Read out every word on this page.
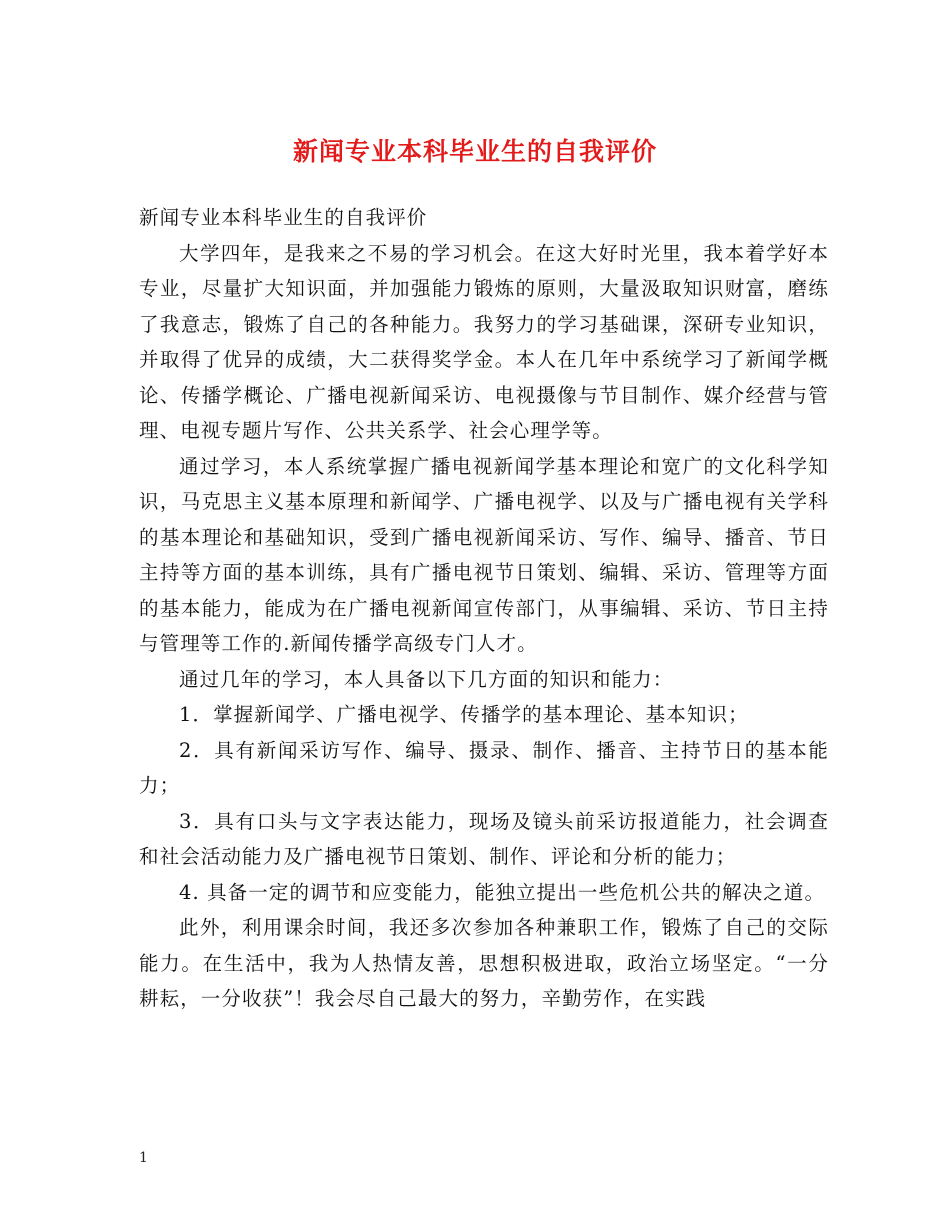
新闻专业本科毕业生的自我评价

新闻专业本科毕业生的自我评价

大学四年，是我来之不易的学习机会。在这大好时光里，我本着学好本专业，尽量扩大知识面，并加强能力锻炼的原则，大量汲取知识财富，磨练了我意志，锻炼了自己的各种能力。我努力的学习基础课，深研专业知识，并取得了优异的成绩，大二获得奖学金。本人在几年中系统学习了新闻学概论、传播学概论、广播电视新闻采访、电视摄像与节目制作、媒介经营与管理、电视专题片写作、公共关系学、社会心理学等。

通过学习，本人系统掌握广播电视新闻学基本理论和宽广的文化科学知识，马克思主义基本原理和新闻学、广播电视学、以及与广播电视有关学科的基本理论和基础知识，受到广播电视新闻采访、写作、编导、播音、节日主持等方面的基本训练，具有广播电视节日策划、编辑、采访、管理等方面的基本能力，能成为在广播电视新闻宣传部门，从事编辑、采访、节日主持与管理等工作的.新闻传播学高级专门人才。

通过几年的学习，本人具备以下几方面的知识和能力：

1．掌握新闻学、广播电视学、传播学的基本理论、基本知识；

2．具有新闻采访写作、编导、摄录、制作、播音、主持节日的基本能力；

3．具有口头与文字表达能力，现场及镜头前采访报道能力，社会调查和社会活动能力及广播电视节日策划、制作、评论和分析的能力；

4. 具备一定的调节和应变能力，能独立提出一些危机公共的解决之道。

此外，利用课余时间，我还多次参加各种兼职工作，锻炼了自己的交际能力。在生活中，我为人热情友善，思想积极进取，政治立场坚定。“一分耕耘，一分收获”！我会尽自己最大的努力，辛勤劳作，在实践

1
